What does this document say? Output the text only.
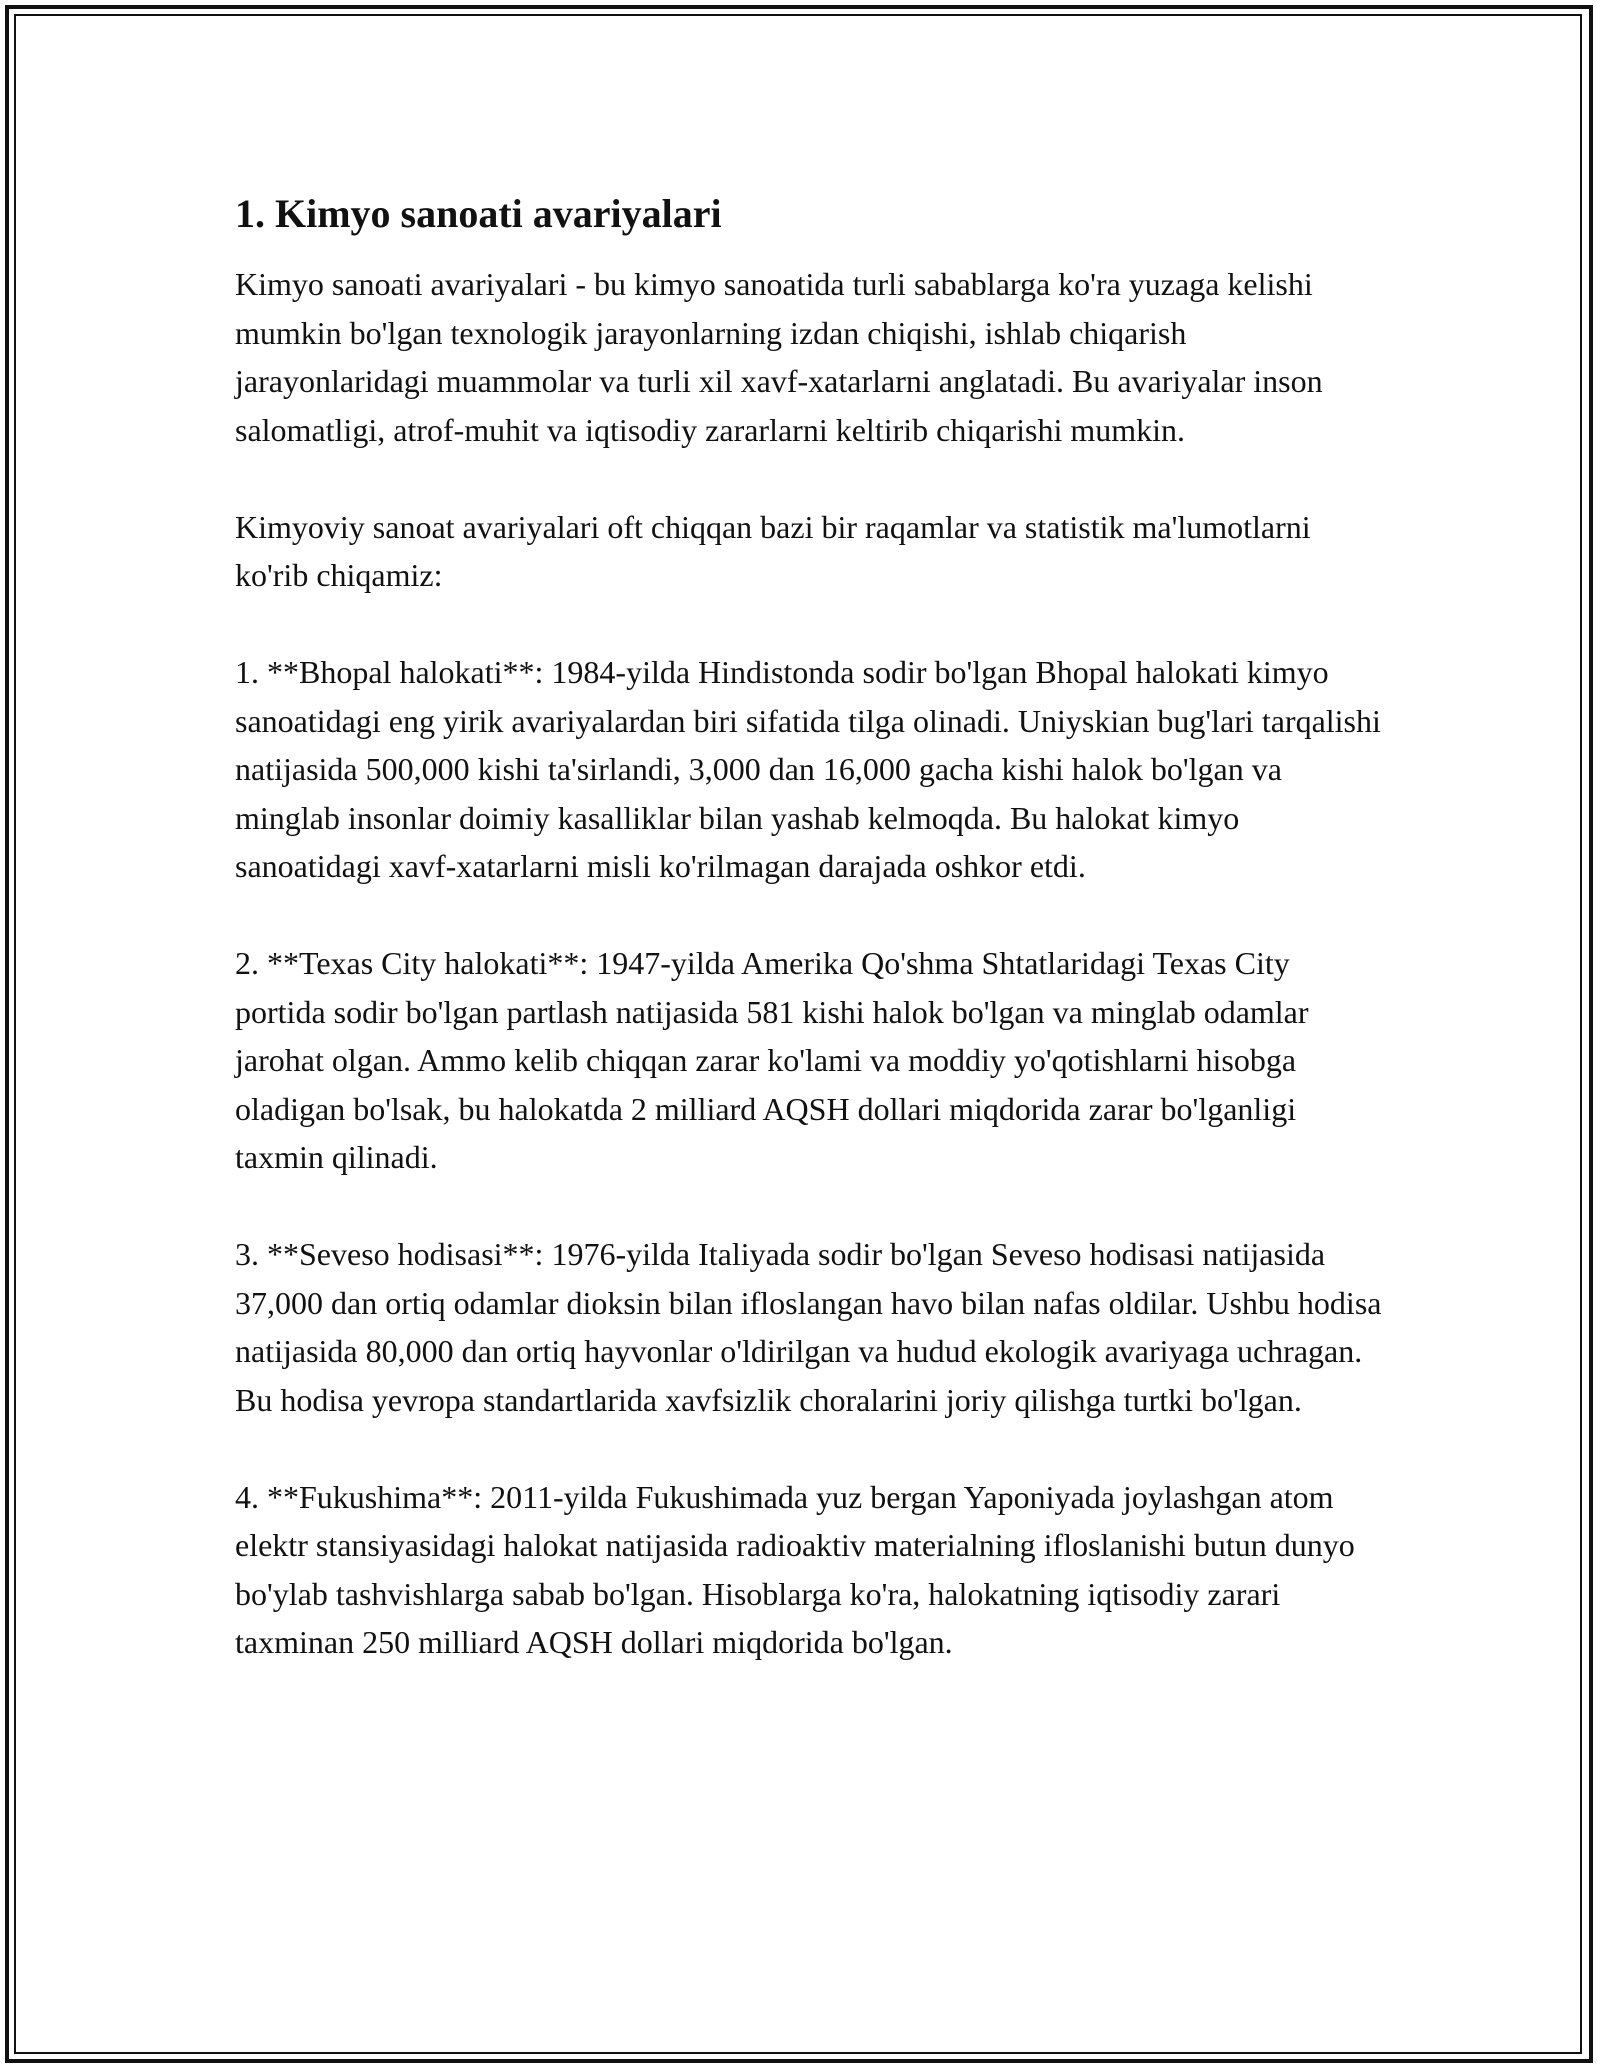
1. Kimyo sanoati avariyalari

Kimyo sanoati avariyalari - bu kimyo sanoatida turli sabablarga ko'ra yuzaga kelishi mumkin bo'lgan texnologik jarayonlarning izdan chiqishi, ishlab chiqarish jarayonlaridagi muammolar va turli xil xavf-xatarlarni anglatadi. Bu avariyalar inson salomatligi, atrof-muhit va iqtisodiy zararlarni keltirib chiqarishi mumkin.

Kimyoviy sanoat avariyalari oft chiqqan bazi bir raqamlar va statistik ma'lumotlarni ko'rib chiqamiz:

1. **Bhopal halokati**: 1984-yilda Hindistonda sodir bo'lgan Bhopal halokati kimyo sanoatidagi eng yirik avariyalardan biri sifatida tilga olinadi. Uniyskian bug'lari tarqalishi natijasida 500,000 kishi ta'sirlandi, 3,000 dan 16,000 gacha kishi halok bo'lgan va minglab insonlar doimiy kasalliklar bilan yashab kelmoqda. Bu halokat kimyo sanoatidagi xavf-xatarlarni misli ko'rilmagan darajada oshkor etdi.

2. **Texas City halokati**: 1947-yilda Amerika Qo'shma Shtatlaridagi Texas City portida sodir bo'lgan partlash natijasida 581 kishi halok bo'lgan va minglab odamlar jarohat olgan. Ammo kelib chiqqan zarar ko'lami va moddiy yo'qotishlarni hisobga oladigan bo'lsak, bu halokatda 2 milliard AQSH dollari miqdorida zarar bo'lganligi taxmin qilinadi.

3. **Seveso hodisasi**: 1976-yilda Italiyada sodir bo'lgan Seveso hodisasi natijasida 37,000 dan ortiq odamlar dioksin bilan ifloslangan havo bilan nafas oldilar. Ushbu hodisa natijasida 80,000 dan ortiq hayvonlar o'ldirilgan va hudud ekologik avariyaga uchragan. Bu hodisa yevropa standartlarida xavfsizlik choralarini joriy qilishga turtki bo'lgan.

4. **Fukushima**: 2011-yilda Fukushimada yuz bergan Yaponiyada joylashgan atom elektr stansiyasidagi halokat natijasida radioaktiv materialning ifloslanishi butun dunyo bo'ylab tashvishlarga sabab bo'lgan. Hisoblarga ko'ra, halokatning iqtisodiy zarari taxminan 250 milliard AQSH dollari miqdorida bo'lgan.
